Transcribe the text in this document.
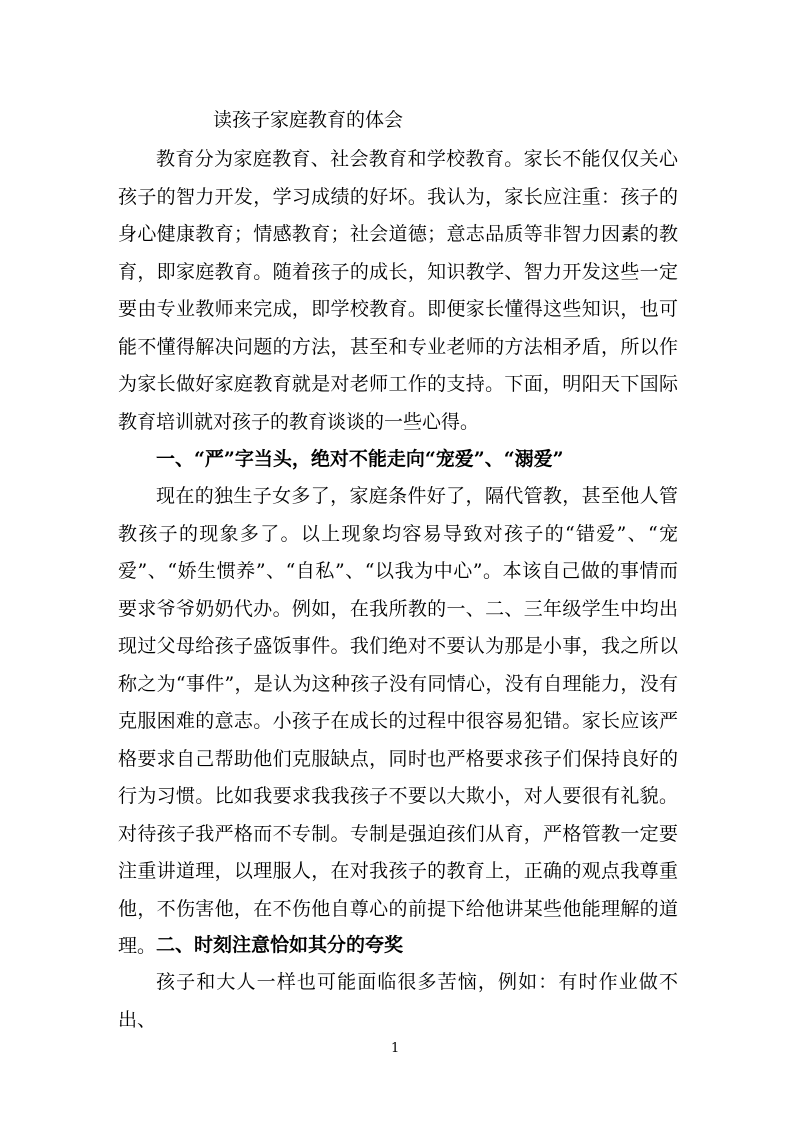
读孩子家庭教育的体会

教育分为家庭教育、社会教育和学校教育。家长不能仅仅关心孩子的智力开发，学习成绩的好坏。我认为，家长应注重：孩子的身心健康教育；情感教育；社会道德；意志品质等非智力因素的教育，即家庭教育。随着孩子的成长，知识教学、智力开发这些一定要由专业教师来完成，即学校教育。即便家长懂得这些知识，也可能不懂得解决问题的方法，甚至和专业老师的方法相矛盾，所以作为家长做好家庭教育就是对老师工作的支持。下面，明阳天下国际教育培训就对孩子的教育谈谈的一些心得。

一、“严”字当头，绝对不能走向“宠爱”、“溺爱”

现在的独生子女多了，家庭条件好了，隔代管教，甚至他人管教孩子的现象多了。以上现象均容易导致对孩子的“错爱”、“宠爱”、“娇生惯养”、“自私”、“以我为中心”。本该自己做的事情而要求爷爷奶奶代办。例如，在我所教的一、二、三年级学生中均出现过父母给孩子盛饭事件。我们绝对不要认为那是小事，我之所以称之为“事件”，是认为这种孩子没有同情心，没有自理能力，没有克服困难的意志。小孩子在成长的过程中很容易犯错。家长应该严格要求自己帮助他们克服缺点，同时也严格要求孩子们保持良好的行为习惯。比如我要求我我孩子不要以大欺小，对人要很有礼貌。对待孩子我严格而不专制。专制是强迫孩们从育，严格管教一定要注重讲道理，以理服人，在对我孩子的教育上，正确的观点我尊重他，不伤害他，在不伤他自尊心的前提下给他讲某些他能理解的道理。 二、时刻注意恰如其分的夸奖

孩子和大人一样也可能面临很多苦恼，例如：有时作业做不出、

1
